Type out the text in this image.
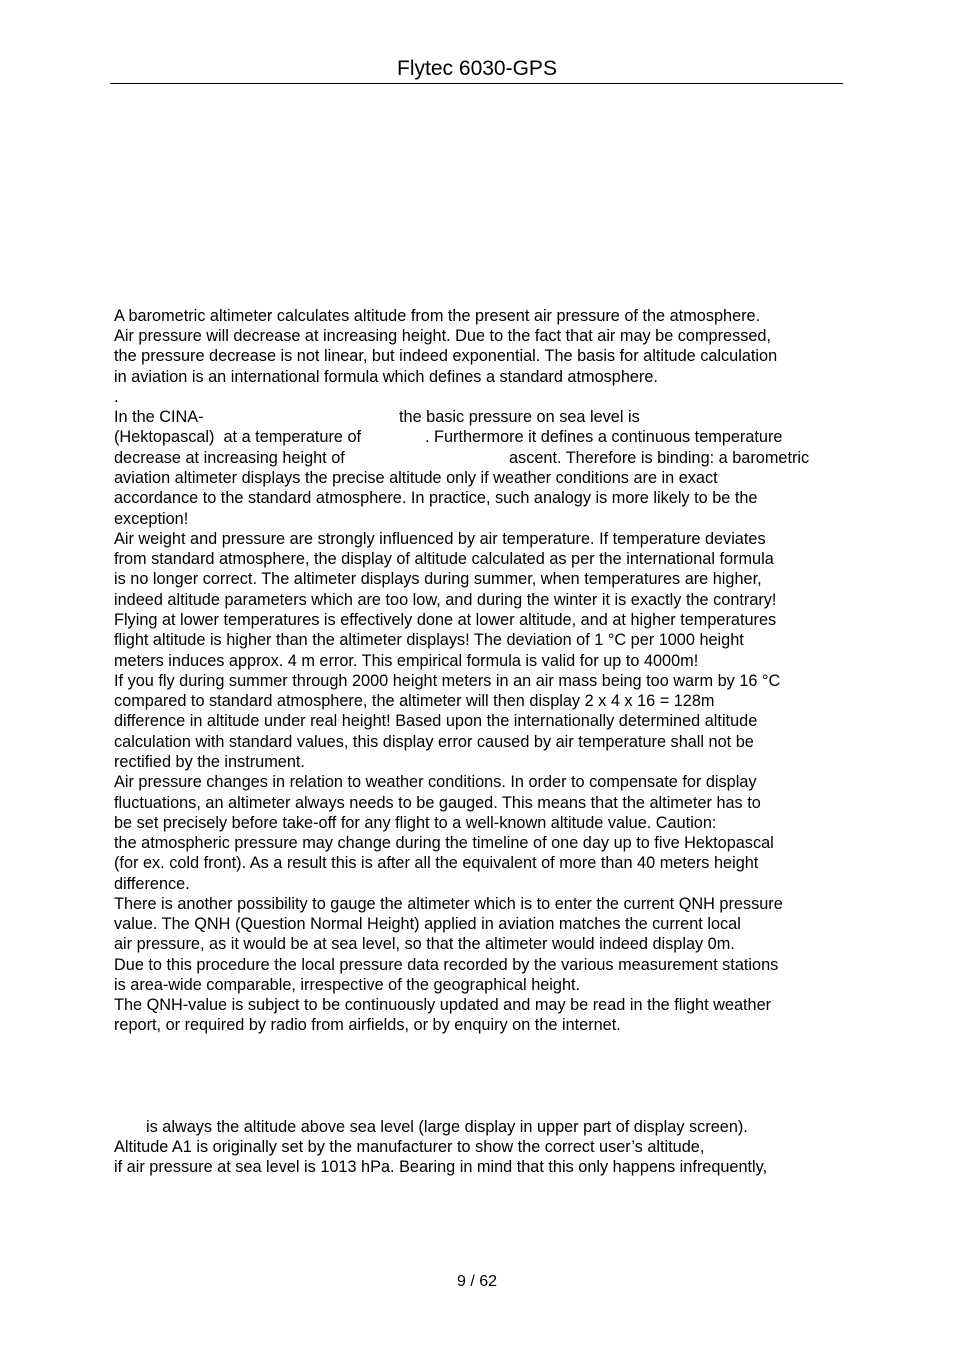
Flytec 6030-GPS
A barometric altimeter calculates altitude from the present air pressure of the atmosphere.
Air pressure will decrease at increasing height. Due to the fact that air may be compressed,
the pressure decrease is not linear, but indeed exponential. The basis for altitude calculation
in aviation is an international formula which defines a standard atmosphere.
.
In the CINA-	the basic pressure on sea level is
(Hektopascal)  at a temperature of	. Furthermore it defines a continuous temperature
decrease at increasing height of	ascent. Therefore is binding: a barometric
aviation altimeter displays the precise altitude only if weather conditions are in exact
accordance to the standard atmosphere. In practice, such analogy is more likely to be the
exception!
Air weight and pressure are strongly influenced by air temperature. If temperature deviates
from standard atmosphere, the display of altitude calculated as per the international formula
is no longer correct. The altimeter displays during summer, when temperatures are higher,
indeed altitude parameters which are too low, and during the winter it is exactly the contrary!
Flying at lower temperatures is effectively done at lower altitude, and at higher temperatures
flight altitude is higher than the altimeter displays! The deviation of 1 °C per 1000 height
meters induces approx. 4 m error. This empirical formula is valid for up to 4000m!
If you fly during summer through 2000 height meters in an air mass being too warm by 16 °C
compared to standard atmosphere, the altimeter will then display 2 x 4 x 16 = 128m
difference in altitude under real height! Based upon the internationally determined altitude
calculation with standard values, this display error caused by air temperature shall not be
rectified by the instrument.
Air pressure changes in relation to weather conditions. In order to compensate for display
fluctuations, an altimeter always needs to be gauged. This means that the altimeter has to
be set precisely before take-off for any flight to a well-known altitude value. Caution:
the atmospheric pressure may change during the timeline of one day up to five Hektopascal
(for ex. cold front). As a result this is after all the equivalent of more than 40 meters height
difference.
There is another possibility to gauge the altimeter which is to enter the current QNH pressure
value. The QNH (Question Normal Height) applied in aviation matches the current local
air pressure, as it would be at sea level, so that the altimeter would indeed display 0m.
Due to this procedure the local pressure data recorded by the various measurement stations
is area-wide comparable, irrespective of the geographical height.
The QNH-value is subject to be continuously updated and may be read in the flight weather
report, or required by radio from airfields, or by enquiry on the internet.
is always the altitude above sea level (large display in upper part of display screen).
Altitude A1 is originally set by the manufacturer to show the correct user’s altitude,
if air pressure at sea level is 1013 hPa. Bearing in mind that this only happens infrequently,
9 / 62
